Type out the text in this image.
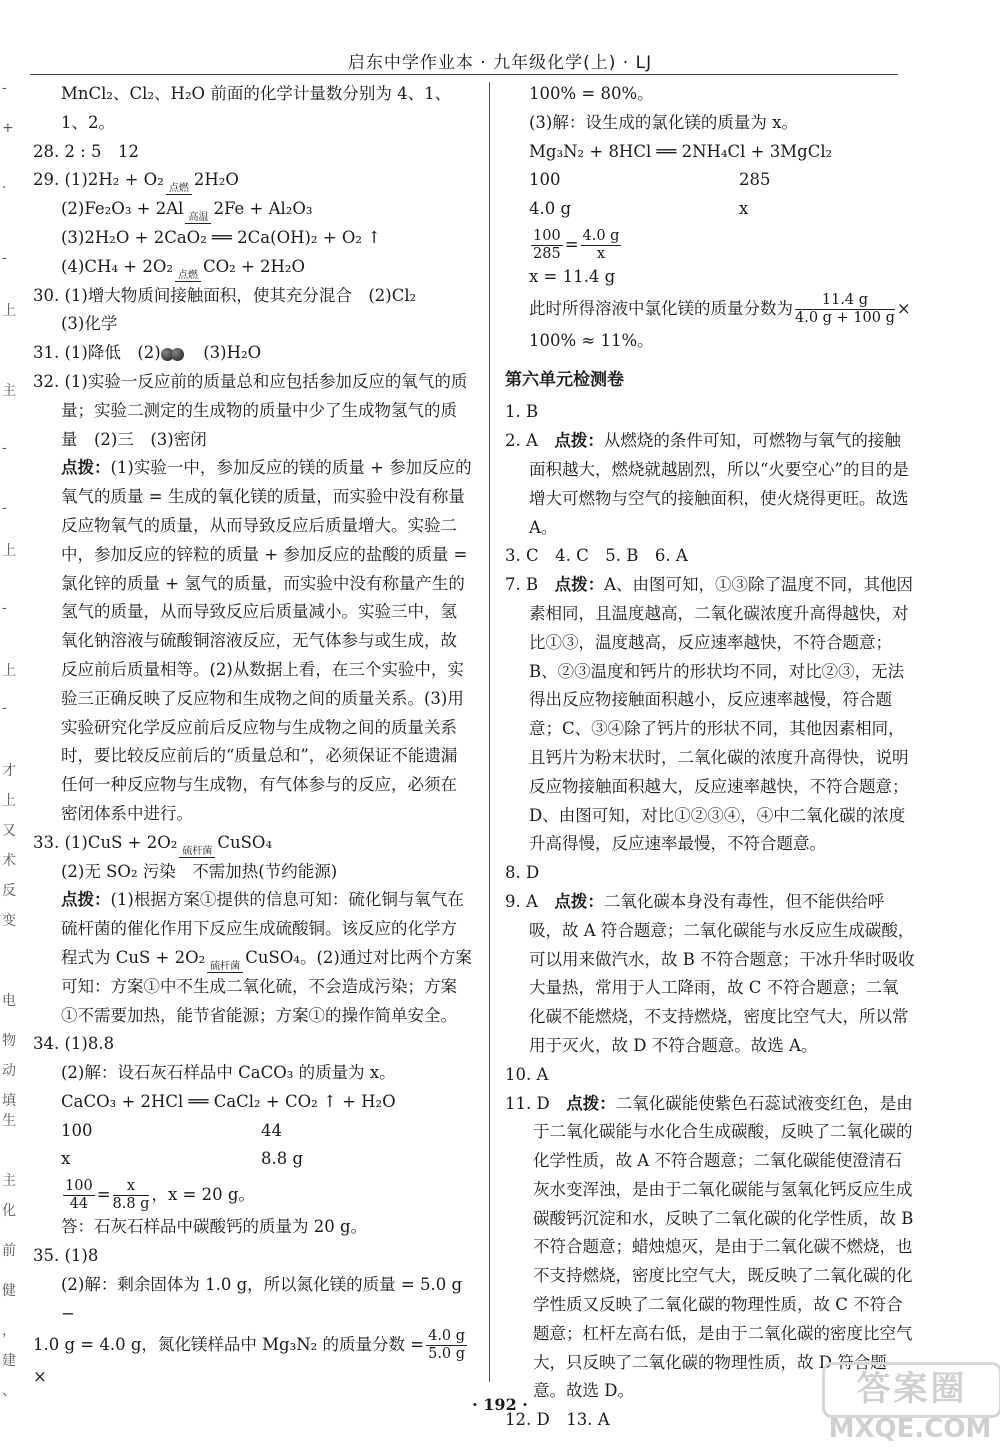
启东中学作业本 · 九年级化学(上) · LJ
-
+
·
-
上
主
-
-
上
-
上
-
才
上
又
术
反
变
电
物
动
填
生
主
化
前
健
，
建
、

MnCl₂、Cl₂、H₂O 前面的化学计量数分别为 4、1、1、2。

28. 2 : 5　12

29. (1)2H₂ + O₂ 点燃 2H₂O

(2)Fe₂O₃ + 2Al 高温 2Fe + Al₂O₃

(3)2H₂O + 2CaO₂ ══ 2Ca(OH)₂ + O₂ ↑

(4)CH₄ + 2O₂ 点燃 CO₂ + 2H₂O

30. (1)增大物质间接触面积，使其充分混合　(2)Cl₂

(3)化学

31. (1)降低　(2)
　(3)H₂O

32. (1)实验一反应前的质量总和应包括参加反应的氧气的质量；实验二测定的生成物的质量中少了生成物氢气的质量　(2)三　(3)密闭

点拨：(1)实验一中，参加反应的镁的质量 + 参加反应的氧气的质量 = 生成的氧化镁的质量，而实验中没有称量反应物氧气的质量，从而导致反应后质量增大。实验二中，参加反应的锌粒的质量 + 参加反应的盐酸的质量 = 氯化锌的质量 + 氢气的质量，而实验中没有称量产生的氢气的质量，从而导致反应后质量减小。实验三中，氢氧化钠溶液与硫酸铜溶液反应，无气体参与或生成，故反应前后质量相等。(2)从数据上看，在三个实验中，实验三正确反映了反应物和生成物之间的质量关系。(3)用实验研究化学反应前后反应物与生成物之间的质量关系时，要比较反应前后的“质量总和”，必须保证不能遗漏任何一种反应物与生成物，有气体参与的反应，必须在密闭体系中进行。

33. (1)CuS + 2O₂ 硫杆菌 CuSO₄

(2)无 SO₂ 污染　不需加热(节约能源)

点拨：(1)根据方案①提供的信息可知：硫化铜与氧气在硫杆菌的催化作用下反应生成硫酸铜。该反应的化学方程式为 CuS + 2O₂ 硫杆菌 CuSO₄。(2)通过对比两个方案可知：方案①中不生成二氧化硫，不会造成污染；方案①不需要加热，能节省能源；方案①的操作简单安全。

34. (1)8.8

(2)解：设石灰石样品中 CaCO₃ 的质量为 x。

CaCO₃ + 2HCl ══ CaCl₂ + CO₂ ↑ + H₂O

100	44
x	8.8 g

$\frac{100}{44} = \frac{x}{8.8 g}$ ，x = 20 g。

答：石灰石样品中碳酸钙的质量为 20 g。

35. (1)8

(2)解：剩余固体为 1.0 g，所以氮化镁的质量 = 5.0 g −

1.0 g = 4.0 g，氮化镁样品中 Mg₃N₂ 的质量分数 = $\frac{4.0 g}{5.0 g}$
×

100% = 80%。

(3)解：设生成的氯化镁的质量为 x。

Mg₃N₂ + 8HCl ══ 2NH₄Cl + 3MgCl₂

100	285
4.0 g	x

$\frac{100}{285} = \frac{4.0 g}{x}$

x = 11.4 g

此时所得溶液中氯化镁的质量分数为 $\frac{11.4 g}{4.0 g + 100 g}$ ×

100% ≈ 11%。

第六单元检测卷

1. B

2. A　点拨：从燃烧的条件可知，可燃物与氧气的接触面积越大，燃烧就越剧烈，所以“火要空心”的目的是增大可燃物与空气的接触面积，使火烧得更旺。故选 A。

3. C　4. C　5. B　6. A

7. B　点拨：A、由图可知，①③除了温度不同，其他因素相同，且温度越高，二氧化碳浓度升高得越快，对比①③，温度越高，反应速率越快，不符合题意；B、②③温度和钙片的形状均不同，对比②③，无法得出反应物接触面积越小，反应速率越慢，符合题意；C、③④除了钙片的形状不同，其他因素相同，且钙片为粉末状时，二氧化碳的浓度升高得快，说明反应物接触面积越大，反应速率越快，不符合题意；D、由图可知，对比①②③④，④中二氧化碳的浓度升高得慢，反应速率最慢，不符合题意。

8. D

9. A　点拨：二氧化碳本身没有毒性，但不能供给呼吸，故 A 符合题意；二氧化碳能与水反应生成碳酸，可以用来做汽水，故 B 不符合题意；干冰升华时吸收大量热，常用于人工降雨，故 C 不符合题意；二氧化碳不能燃烧，不支持燃烧，密度比空气大，所以常用于灭火，故 D 不符合题意。故选 A。

10. A

11. D　点拨：二氧化碳能使紫色石蕊试液变红色，是由于二氧化碳能与水化合生成碳酸，反映了二氧化碳的化学性质，故 A 不符合题意；二氧化碳能使澄清石灰水变浑浊，是由于二氧化碳能与氢氧化钙反应生成碳酸钙沉淀和水，反映了二氧化碳的化学性质，故 B 不符合题意；蜡烛熄灭，是由于二氧化碳不燃烧，也不支持燃烧，密度比空气大，既反映了二氧化碳的化学性质又反映了二氧化碳的物理性质，故 C 不符合题意；杠杆左高右低，是由于二氧化碳的密度比空气大，只反映了二氧化碳的物理性质，故 D 符合题意。故选 D。

12. D　13. A

· 192 ·	答案圈
MXQE.COM
